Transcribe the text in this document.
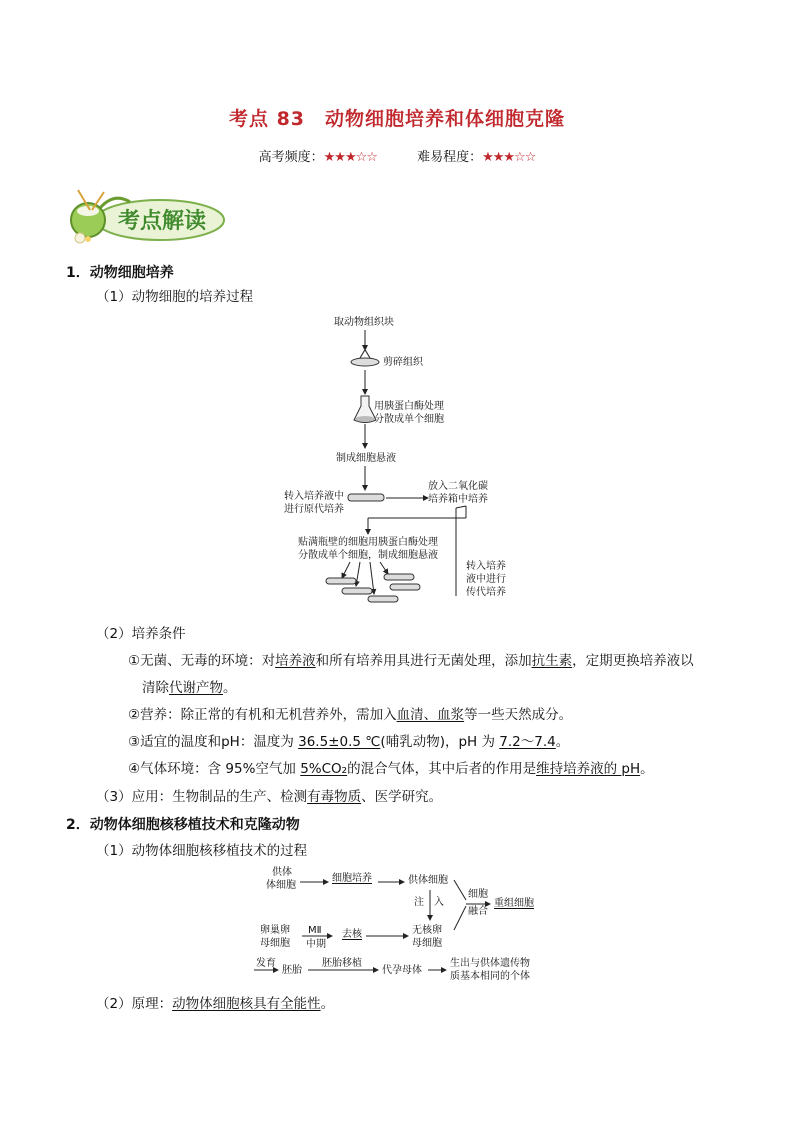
考点 83　动物细胞培养和体细胞克隆
高考频度：★★★☆☆	难易程度：★★★☆☆
考点解读
1．动物细胞培养
（1）动物细胞的培养过程
取动物组织块
剪碎组织
用胰蛋白酶处理
分散成单个细胞
制成细胞悬液
转入培养液中
进行原代培养
放入二氧化碳
培养箱中培养
贴满瓶壁的细胞用胰蛋白酶处理
分散成单个细胞，制成细胞悬液
转入培养
液中进行
传代培养
（2）培养条件
①无菌、无毒的环境：对培养液和所有培养用具进行无菌处理，添加抗生素，定期更换培养液以
清除代谢产物。
②营养：除正常的有机和无机营养外，需加入血清、血浆等一些天然成分。
③适宜的温度和pH：温度为 36.5±0.5 ℃(哺乳动物)，pH 为 7.2～7.4。
④气体环境：含 95%空气加 5%CO₂的混合气体，其中后者的作用是维持培养液的 pH。
（3）应用：生物制品的生产、检测有毒物质、医学研究。
2．动物体细胞核移植技术和克隆动物
（1）动物体细胞核移植技术的过程
供体
体细胞
细胞培养	供体细胞
注 入
细胞
融合
重组细胞
卵巢卵
母细胞
MⅡ
中期
去核	无核卵
母细胞
发育
胚胎
胚胎移植
代孕母体
生出与供体遗传物
质基本相同的个体
（2）原理：动物体细胞核具有全能性。
